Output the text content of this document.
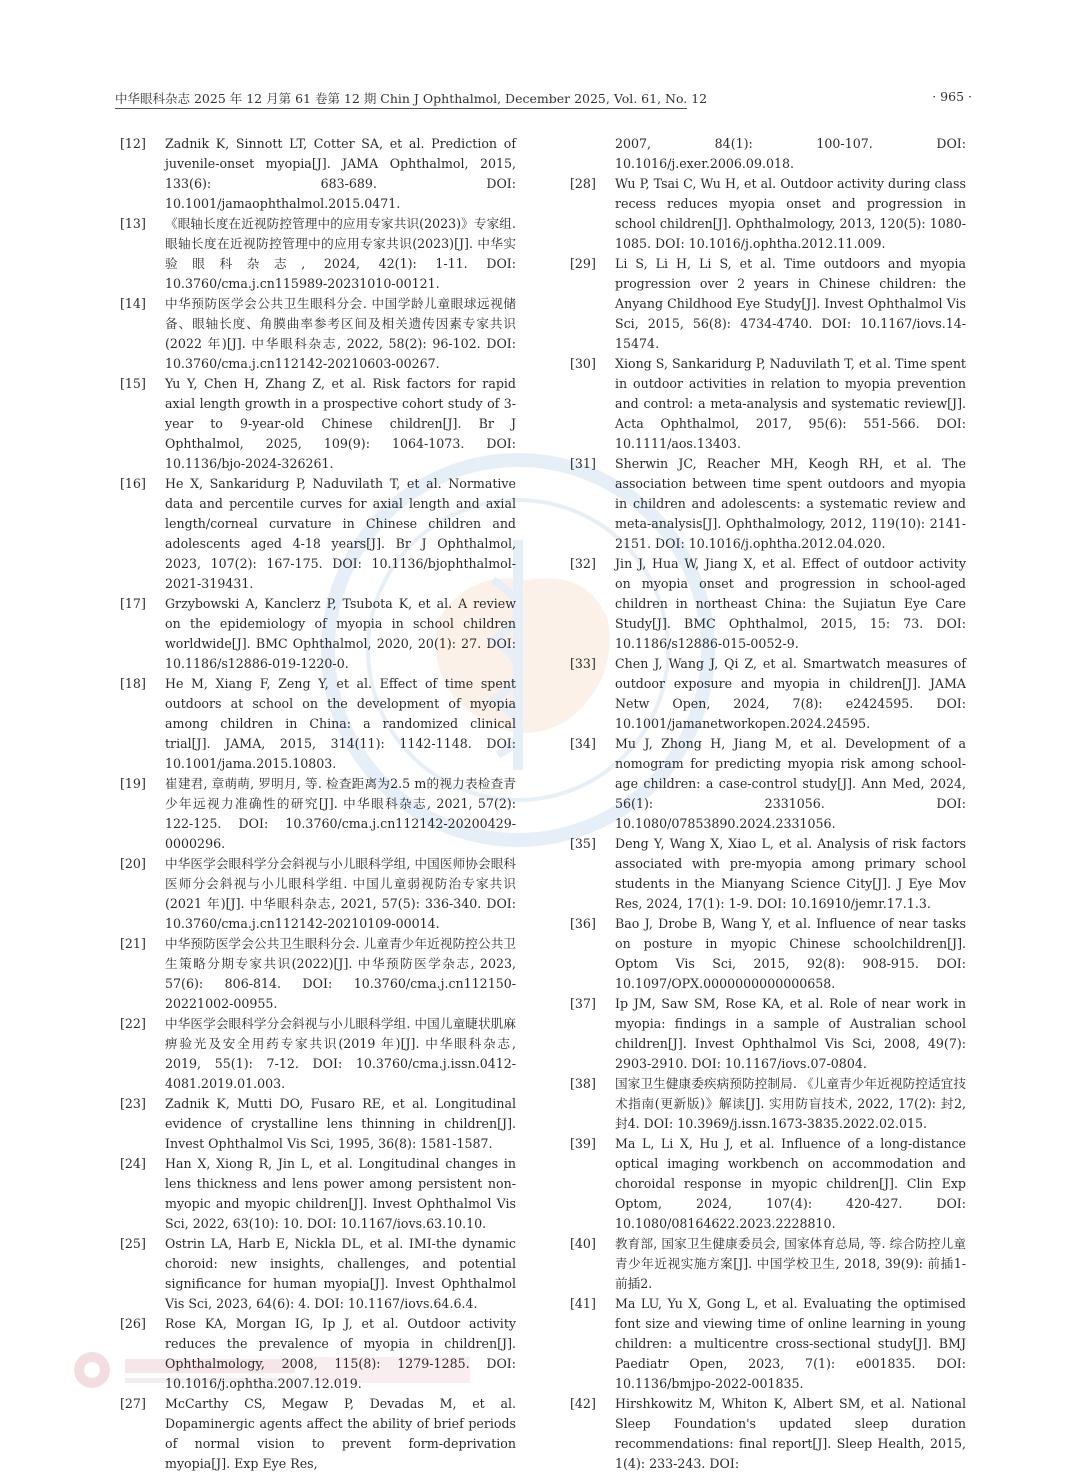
中华眼科杂志 2025 年 12 月第 61 卷第 12 期 Chin J Ophthalmol, December 2025, Vol. 61, No. 12	· 965 ·
[12] Zadnik K, Sinnott LT, Cotter SA, et al. Prediction of juvenile-onset myopia[J]. JAMA Ophthalmol, 2015, 133(6): 683-689. DOI: 10.1001/jamaophthalmol.2015.0471.
[13] 《眼轴长度在近视防控管理中的应用专家共识(2023)》专家组. 眼轴长度在近视防控管理中的应用专家共识(2023)[J]. 中华实验眼科杂志, 2024, 42(1): 1-11. DOI: 10.3760/cma.j.cn115989-20231010-00121.
[14] 中华预防医学会公共卫生眼科分会. 中国学龄儿童眼球远视储备、眼轴长度、角膜曲率参考区间及相关遗传因素专家共识(2022 年)[J]. 中华眼科杂志, 2022, 58(2): 96-102. DOI: 10.3760/cma.j.cn112142-20210603-00267.
[15] Yu Y, Chen H, Zhang Z, et al. Risk factors for rapid axial length growth in a prospective cohort study of 3-year to 9-year-old Chinese children[J]. Br J Ophthalmol, 2025, 109(9): 1064-1073. DOI: 10.1136/bjo-2024-326261.
[16] He X, Sankaridurg P, Naduvilath T, et al. Normative data and percentile curves for axial length and axial length/corneal curvature in Chinese children and adolescents aged 4-18 years[J]. Br J Ophthalmol, 2023, 107(2): 167-175. DOI: 10.1136/bjophthalmol-2021-319431.
[17] Grzybowski A, Kanclerz P, Tsubota K, et al. A review on the epidemiology of myopia in school children worldwide[J]. BMC Ophthalmol, 2020, 20(1): 27. DOI: 10.1186/s12886-019-1220-0.
[18] He M, Xiang F, Zeng Y, et al. Effect of time spent outdoors at school on the development of myopia among children in China: a randomized clinical trial[J]. JAMA, 2015, 314(11): 1142-1148. DOI: 10.1001/jama.2015.10803.
[19] 崔建君, 章萌萌, 罗明月, 等. 检查距离为2.5 m的视力表检查青少年远视力准确性的研究[J]. 中华眼科杂志, 2021, 57(2): 122-125. DOI: 10.3760/cma.j.cn112142-20200429-0000296.
[20] 中华医学会眼科学分会斜视与小儿眼科学组, 中国医师协会眼科医师分会斜视与小儿眼科学组. 中国儿童弱视防治专家共识(2021 年)[J]. 中华眼科杂志, 2021, 57(5): 336-340. DOI: 10.3760/cma.j.cn112142-20210109-00014.
[21] 中华预防医学会公共卫生眼科分会. 儿童青少年近视防控公共卫生策略分期专家共识(2022)[J]. 中华预防医学杂志, 2023, 57(6): 806-814. DOI: 10.3760/cma.j.cn112150-20221002-00955.
[22] 中华医学会眼科学分会斜视与小儿眼科学组. 中国儿童睫状肌麻痹验光及安全用药专家共识(2019 年)[J]. 中华眼科杂志, 2019, 55(1): 7-12. DOI: 10.3760/cma.j.issn.0412-4081.2019.01.003.
[23] Zadnik K, Mutti DO, Fusaro RE, et al. Longitudinal evidence of crystalline lens thinning in children[J]. Invest Ophthalmol Vis Sci, 1995, 36(8): 1581-1587.
[24] Han X, Xiong R, Jin L, et al. Longitudinal changes in lens thickness and lens power among persistent non-myopic and myopic children[J]. Invest Ophthalmol Vis Sci, 2022, 63(10): 10. DOI: 10.1167/iovs.63.10.10.
[25] Ostrin LA, Harb E, Nickla DL, et al. IMI-the dynamic choroid: new insights, challenges, and potential significance for human myopia[J]. Invest Ophthalmol Vis Sci, 2023, 64(6): 4. DOI: 10.1167/iovs.64.6.4.
[26] Rose KA, Morgan IG, Ip J, et al. Outdoor activity reduces the prevalence of myopia in children[J]. Ophthalmology, 2008, 115(8): 1279-1285. DOI: 10.1016/j.ophtha.2007.12.019.
[27] McCarthy CS, Megaw P, Devadas M, et al. Dopaminergic agents affect the ability of brief periods of normal vision to prevent form-deprivation myopia[J]. Exp Eye Res,
2007, 84(1): 100-107. DOI: 10.1016/j.exer.2006.09.018.
[28] Wu P, Tsai C, Wu H, et al. Outdoor activity during class recess reduces myopia onset and progression in school children[J]. Ophthalmology, 2013, 120(5): 1080-1085. DOI: 10.1016/j.ophtha.2012.11.009.
[29] Li S, Li H, Li S, et al. Time outdoors and myopia progression over 2 years in Chinese children: the Anyang Childhood Eye Study[J]. Invest Ophthalmol Vis Sci, 2015, 56(8): 4734-4740. DOI: 10.1167/iovs.14-15474.
[30] Xiong S, Sankaridurg P, Naduvilath T, et al. Time spent in outdoor activities in relation to myopia prevention and control: a meta-analysis and systematic review[J]. Acta Ophthalmol, 2017, 95(6): 551-566. DOI: 10.1111/aos.13403.
[31] Sherwin JC, Reacher MH, Keogh RH, et al. The association between time spent outdoors and myopia in children and adolescents: a systematic review and meta-analysis[J]. Ophthalmology, 2012, 119(10): 2141-2151. DOI: 10.1016/j.ophtha.2012.04.020.
[32] Jin J, Hua W, Jiang X, et al. Effect of outdoor activity on myopia onset and progression in school-aged children in northeast China: the Sujiatun Eye Care Study[J]. BMC Ophthalmol, 2015, 15: 73. DOI: 10.1186/s12886-015-0052-9.
[33] Chen J, Wang J, Qi Z, et al. Smartwatch measures of outdoor exposure and myopia in children[J]. JAMA Netw Open, 2024, 7(8): e2424595. DOI: 10.1001/jamanetworkopen.2024.24595.
[34] Mu J, Zhong H, Jiang M, et al. Development of a nomogram for predicting myopia risk among school-age children: a case-control study[J]. Ann Med, 2024, 56(1): 2331056. DOI: 10.1080/07853890.2024.2331056.
[35] Deng Y, Wang X, Xiao L, et al. Analysis of risk factors associated with pre-myopia among primary school students in the Mianyang Science City[J]. J Eye Mov Res, 2024, 17(1): 1-9. DOI: 10.16910/jemr.17.1.3.
[36] Bao J, Drobe B, Wang Y, et al. Influence of near tasks on posture in myopic Chinese schoolchildren[J]. Optom Vis Sci, 2015, 92(8): 908-915. DOI: 10.1097/OPX.0000000000000658.
[37] Ip JM, Saw SM, Rose KA, et al. Role of near work in myopia: findings in a sample of Australian school children[J]. Invest Ophthalmol Vis Sci, 2008, 49(7): 2903-2910. DOI: 10.1167/iovs.07-0804.
[38] 国家卫生健康委疾病预防控制局. 《儿童青少年近视防控适宜技术指南(更新版)》解读[J]. 实用防盲技术, 2022, 17(2): 封2, 封4. DOI: 10.3969/j.issn.1673-3835.2022.02.015.
[39] Ma L, Li X, Hu J, et al. Influence of a long-distance optical imaging workbench on accommodation and choroidal response in myopic children[J]. Clin Exp Optom, 2024, 107(4): 420-427. DOI: 10.1080/08164622.2023.2228810.
[40] 教育部, 国家卫生健康委员会, 国家体育总局, 等. 综合防控儿童青少年近视实施方案[J]. 中国学校卫生, 2018, 39(9): 前插1-前插2.
[41] Ma LU, Yu X, Gong L, et al. Evaluating the optimised font size and viewing time of online learning in young children: a multicentre cross-sectional study[J]. BMJ Paediatr Open, 2023, 7(1): e001835. DOI: 10.1136/bmjpo-2022-001835.
[42] Hirshkowitz M, Whiton K, Albert SM, et al. National Sleep Foundation's updated sleep duration recommendations: final report[J]. Sleep Health, 2015, 1(4): 233-243. DOI:
